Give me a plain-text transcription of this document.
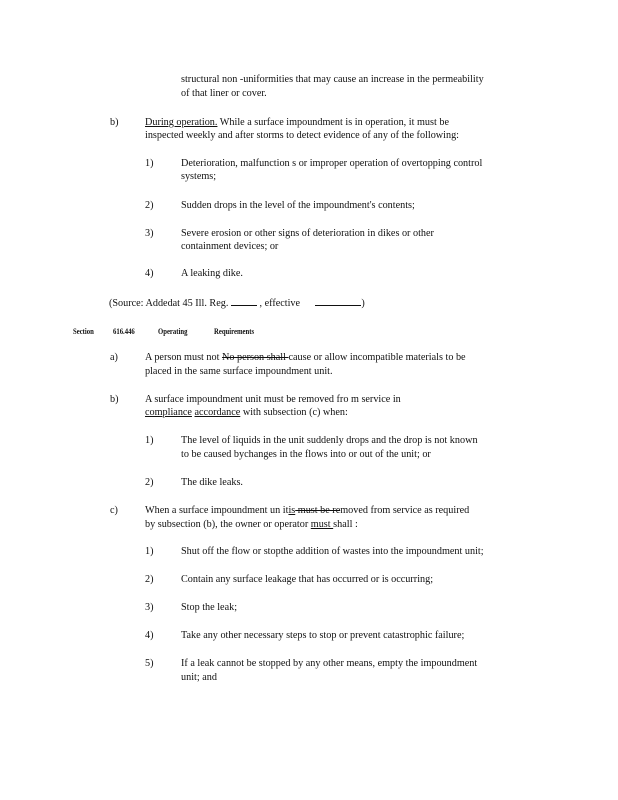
structural non -uniformities that may cause an increase in the permeability

of that liner or cover.

b)	During operation. While a surface impoundment is in operation, it must be

inspected weekly and after storms to detect evidence of any of the following:

1)	Deterioration, malfunction s or improper operation of overtopping control

systems;

2)	Sudden drops in the level of the impoundment's contents;

3)	Severe erosion or other signs of deterioration in dikes or other

containment devices; or

4)	A leaking dike.

(Source: Addedat 45 Ill. Reg.	, effective	)

Section 616.446	Operating	Requirements

a)	A person must not No person shall cause or allow incompatible materials to be

placed in the same surface impoundment unit.

b)	A surface impoundment unit must be removed fro m service in

compliance accordance with subsection (c) when:

1)	The level of liquids in the unit suddenly drops and the drop is not known

to be caused bychanges in the flows into or out of the unit; or

2)	The dike leaks.

c)	When a surface impoundment un itis must be removed from service as required

by subsection (b), the owner or operator must shall :

1)	Shut off the flow or stopthe addition of wastes into the impoundment unit;

2)	Contain any surface leakage that has occurred or is occurring;

3)	Stop the leak;

4)	Take any other necessary steps to stop or prevent catastrophic failure;

5)	If a leak cannot be stopped by any other means, empty the impoundment

unit; and
